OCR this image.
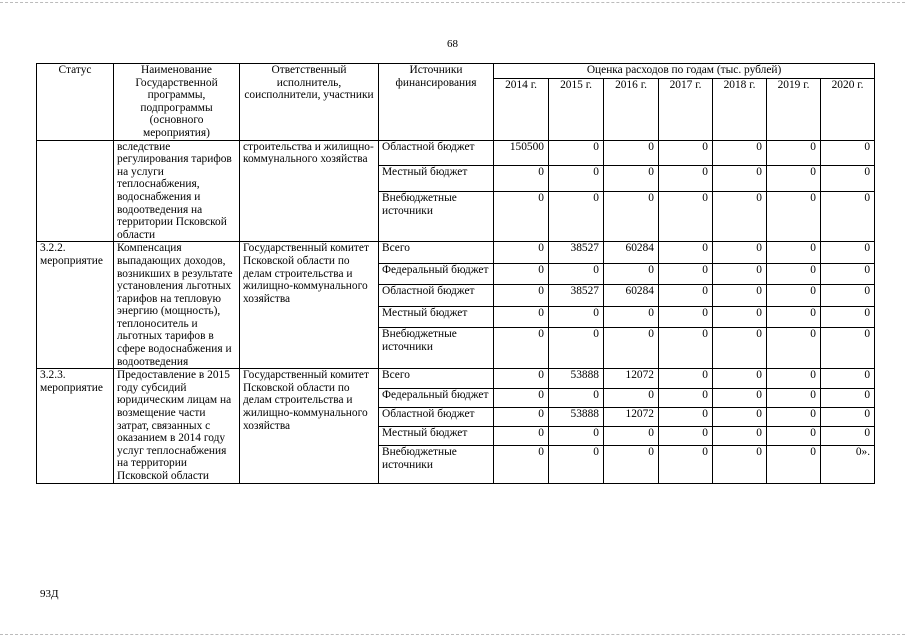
68
Статус	Наименование Государственной программы, подпрограммы (основного мероприятия)	Ответственный исполнитель, соисполнители, участники	Источники финансирования	Оценка расходов по годам (тыс. рублей)						
				2014 г.	2015 г.	2016 г.	2017 г.	2018 г.	2019 г.	2020 г.
	вследствие регулирования тарифов на услуги теплоснабжения, водоснабжения и водоотведения на территории Псковской области	строительства и жилищно-коммунального хозяйства	Областной бюджет	150500	0	0	0	0	0	0
			Местный бюджет	0	0	0	0	0	0	0
			Внебюджетные источники	0	0	0	0	0	0	0
3.2.2. мероприятие	Компенсация выпадающих доходов, возникших в результате установления льготных тарифов на тепловую энергию (мощность), теплоноситель и льготных тарифов в сфере водоснабжения и водоотведения	Государственный комитет Псковской области по делам строительства и жилищно-коммунального хозяйства	Всего	0	38527	60284	0	0	0	0
			Федеральный бюджет	0	0	0	0	0	0	0
			Областной бюджет	0	38527	60284	0	0	0	0
			Местный бюджет	0	0	0	0	0	0	0
			Внебюджетные источники	0	0	0	0	0	0	0
3.2.3. мероприятие	Предоставление в 2015 году субсидий юридическим лицам на возмещение части затрат, связанных с оказанием в 2014 году услуг теплоснабжения на территории Псковской области	Государственный комитет Псковской области по делам строительства и жилищно-коммунального хозяйства	Всего	0	53888	12072	0	0	0	0
			Федеральный бюджет	0	0	0	0	0	0	0
			Областной бюджет	0	53888	12072	0	0	0	0
			Местный бюджет	0	0	0	0	0	0	0
			Внебюджетные источники	0	0	0	0	0	0	0».
93Д
